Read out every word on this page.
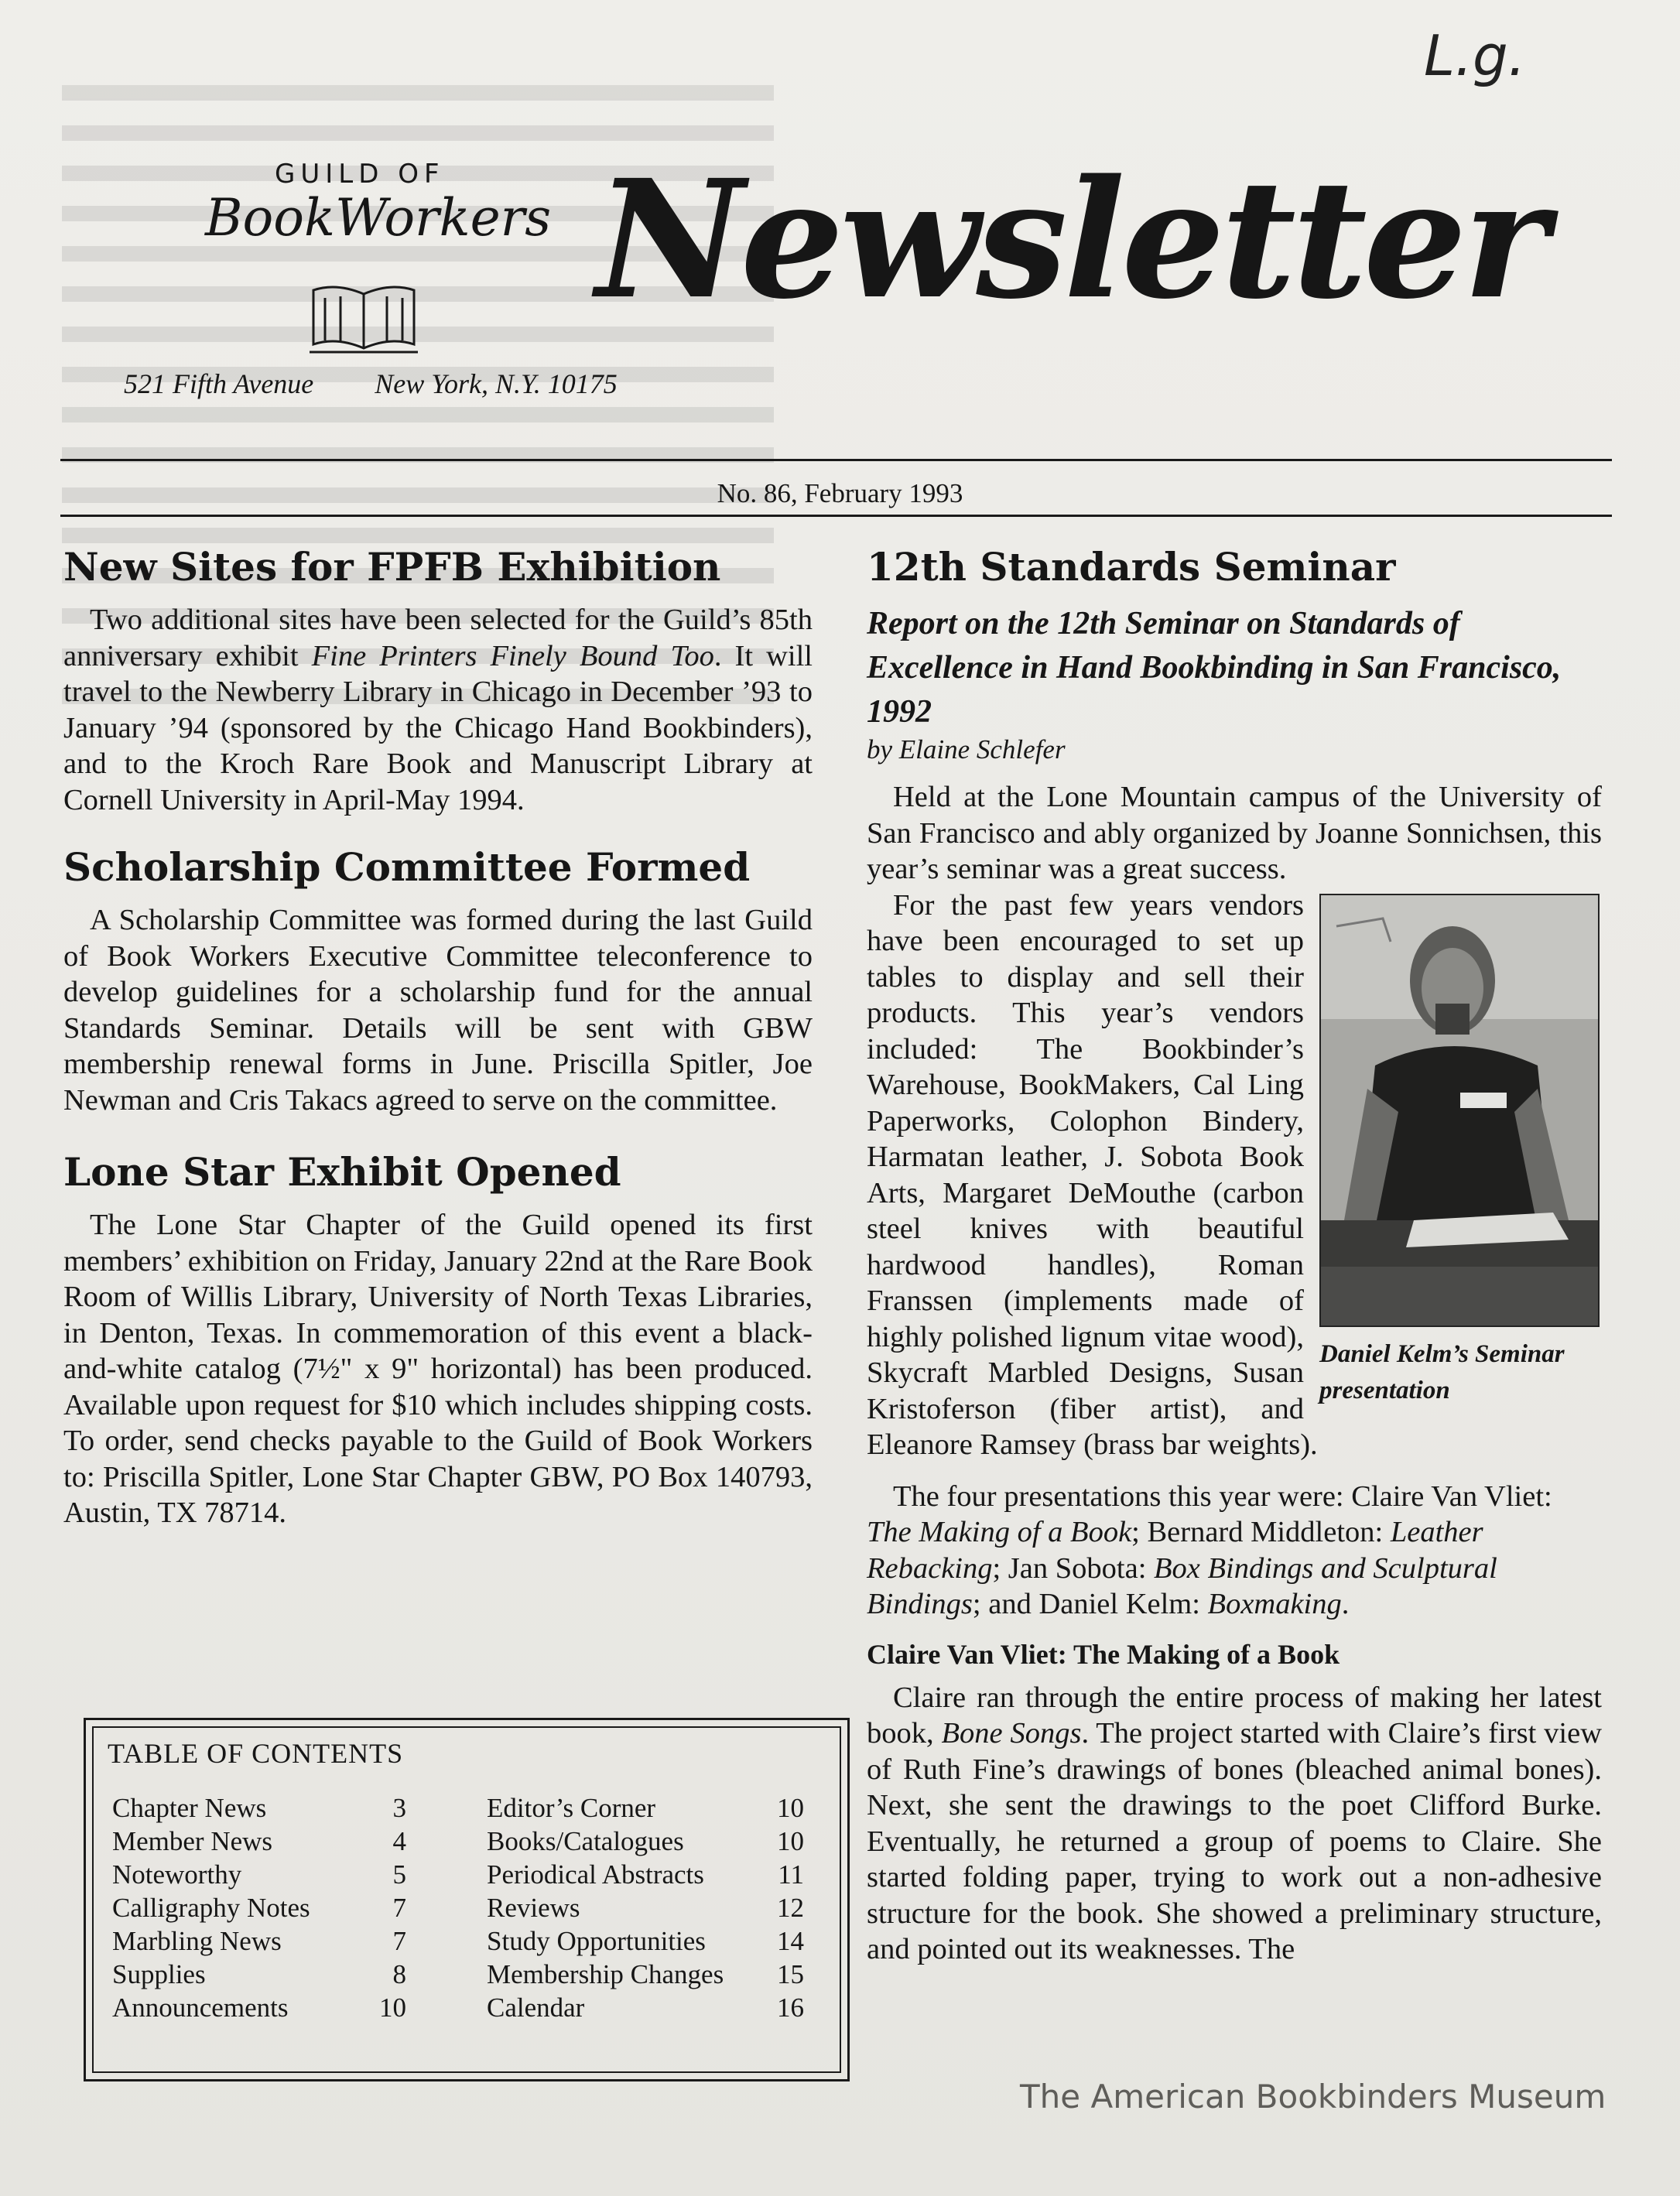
L.g.
GUILD OF
BookWorkers
521 Fifth Avenue New York, N.Y. 10175
Newsletter
No. 86, February 1993
New Sites for FPFB Exhibition

Two additional sites have been selected for the Guild’s 85th anniversary exhibit Fine Printers Finely Bound Too. It will travel to the Newberry Library in Chicago in December ’93 to January ’94 (sponsored by the Chicago Hand Bookbinders), and to the Kroch Rare Book and Manuscript Library at Cornell University in April-May 1994.

Scholarship Committee Formed

A Scholarship Committee was formed during the last Guild of Book Workers Executive Committee teleconference to develop guidelines for a scholarship fund for the annual Standards Seminar. Details will be sent with GBW membership renewal forms in June. Priscilla Spitler, Joe Newman and Cris Takacs agreed to serve on the committee.

Lone Star Exhibit Opened

The Lone Star Chapter of the Guild opened its first members’ exhibition on Friday, January 22nd at the Rare Book Room of Willis Library, University of North Texas Libraries, in Denton, Texas. In commemoration of this event a black-and-white catalog (7½" x 9" horizontal) has been produced. Available upon request for $10 which includes shipping costs. To order, send checks payable to the Guild of Book Workers to: Priscilla Spitler, Lone Star Chapter GBW, PO Box 140793, Austin, TX 78714.

12th Standards Seminar

Report on the 12th Seminar on Standards of Excellence in Hand Bookbinding in San Francisco, 1992

by Elaine Schlefer

Held at the Lone Mountain campus of the University of San Francisco and ably organized by Joanne Sonnichsen, this year’s seminar was a great success.

Daniel Kelm’s Seminar presentation

For the past few years vendors have been encouraged to set up tables to display and sell their products. This year’s vendors included: The Bookbinder’s Warehouse, BookMakers, Cal Ling Paperworks, Colophon Bindery, Harmatan leather, J. Sobota Book Arts, Margaret DeMouthe (carbon steel knives with beautiful hardwood handles), Roman Franssen (implements made of highly polished lignum vitae wood), Skycraft Marbled Designs, Susan Kristoferson (fiber artist), and Eleanore Ramsey (brass bar weights).

The four presentations this year were: Claire Van Vliet: The Making of a Book; Bernard Middleton: Leather Rebacking; Jan Sobota: Box Bindings and Sculptural Bindings; and Daniel Kelm: Boxmaking.

Claire Van Vliet: The Making of a Book

Claire ran through the entire process of making her latest book, Bone Songs. The project started with Claire’s first view of Ruth Fine’s drawings of bones (bleached animal bones). Next, she sent the drawings to the poet Clifford Burke. Eventually, he returned a group of poems to Claire. She started folding paper, trying to work out a non-adhesive structure for the book. She showed a preliminary structure, and pointed out its weaknesses. The

TABLE OF CONTENTS
Chapter News	3
Member News	4
Noteworthy	5
Calligraphy Notes	7
Marbling News	7
Supplies	8
Announcements	10
Editor’s Corner	10
Books/Catalogues	10
Periodical Abstracts	11
Reviews	12
Study Opportunities	14
Membership Changes 15
Calendar	16
The American Bookbinders Museum
